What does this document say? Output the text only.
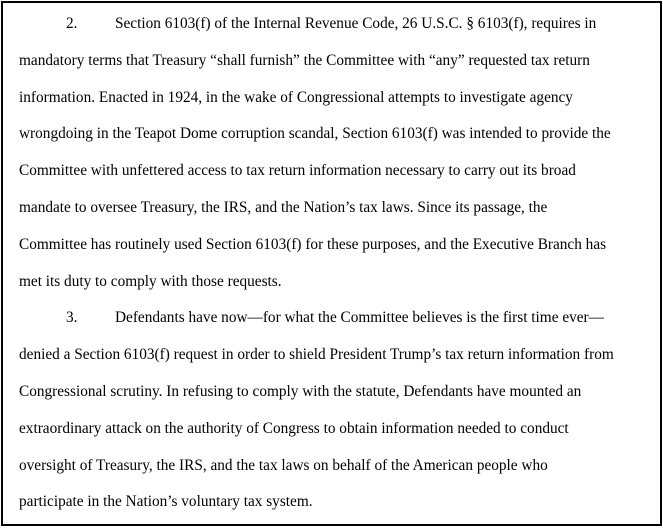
2. Section 6103(f) of the Internal Revenue Code, 26 U.S.C. § 6103(f), requires in
mandatory terms that Treasury “shall furnish” the Committee with “any” requested tax return
information. Enacted in 1924, in the wake of Congressional attempts to investigate agency
wrongdoing in the Teapot Dome corruption scandal, Section 6103(f) was intended to provide the
Committee with unfettered access to tax return information necessary to carry out its broad
mandate to oversee Treasury, the IRS, and the Nation’s tax laws. Since its passage, the
Committee has routinely used Section 6103(f) for these purposes, and the Executive Branch has
met its duty to comply with those requests.
3. Defendants have now—for what the Committee believes is the first time ever—
denied a Section 6103(f) request in order to shield President Trump’s tax return information from
Congressional scrutiny. In refusing to comply with the statute, Defendants have mounted an
extraordinary attack on the authority of Congress to obtain information needed to conduct
oversight of Treasury, the IRS, and the tax laws on behalf of the American people who
participate in the Nation’s voluntary tax system.
